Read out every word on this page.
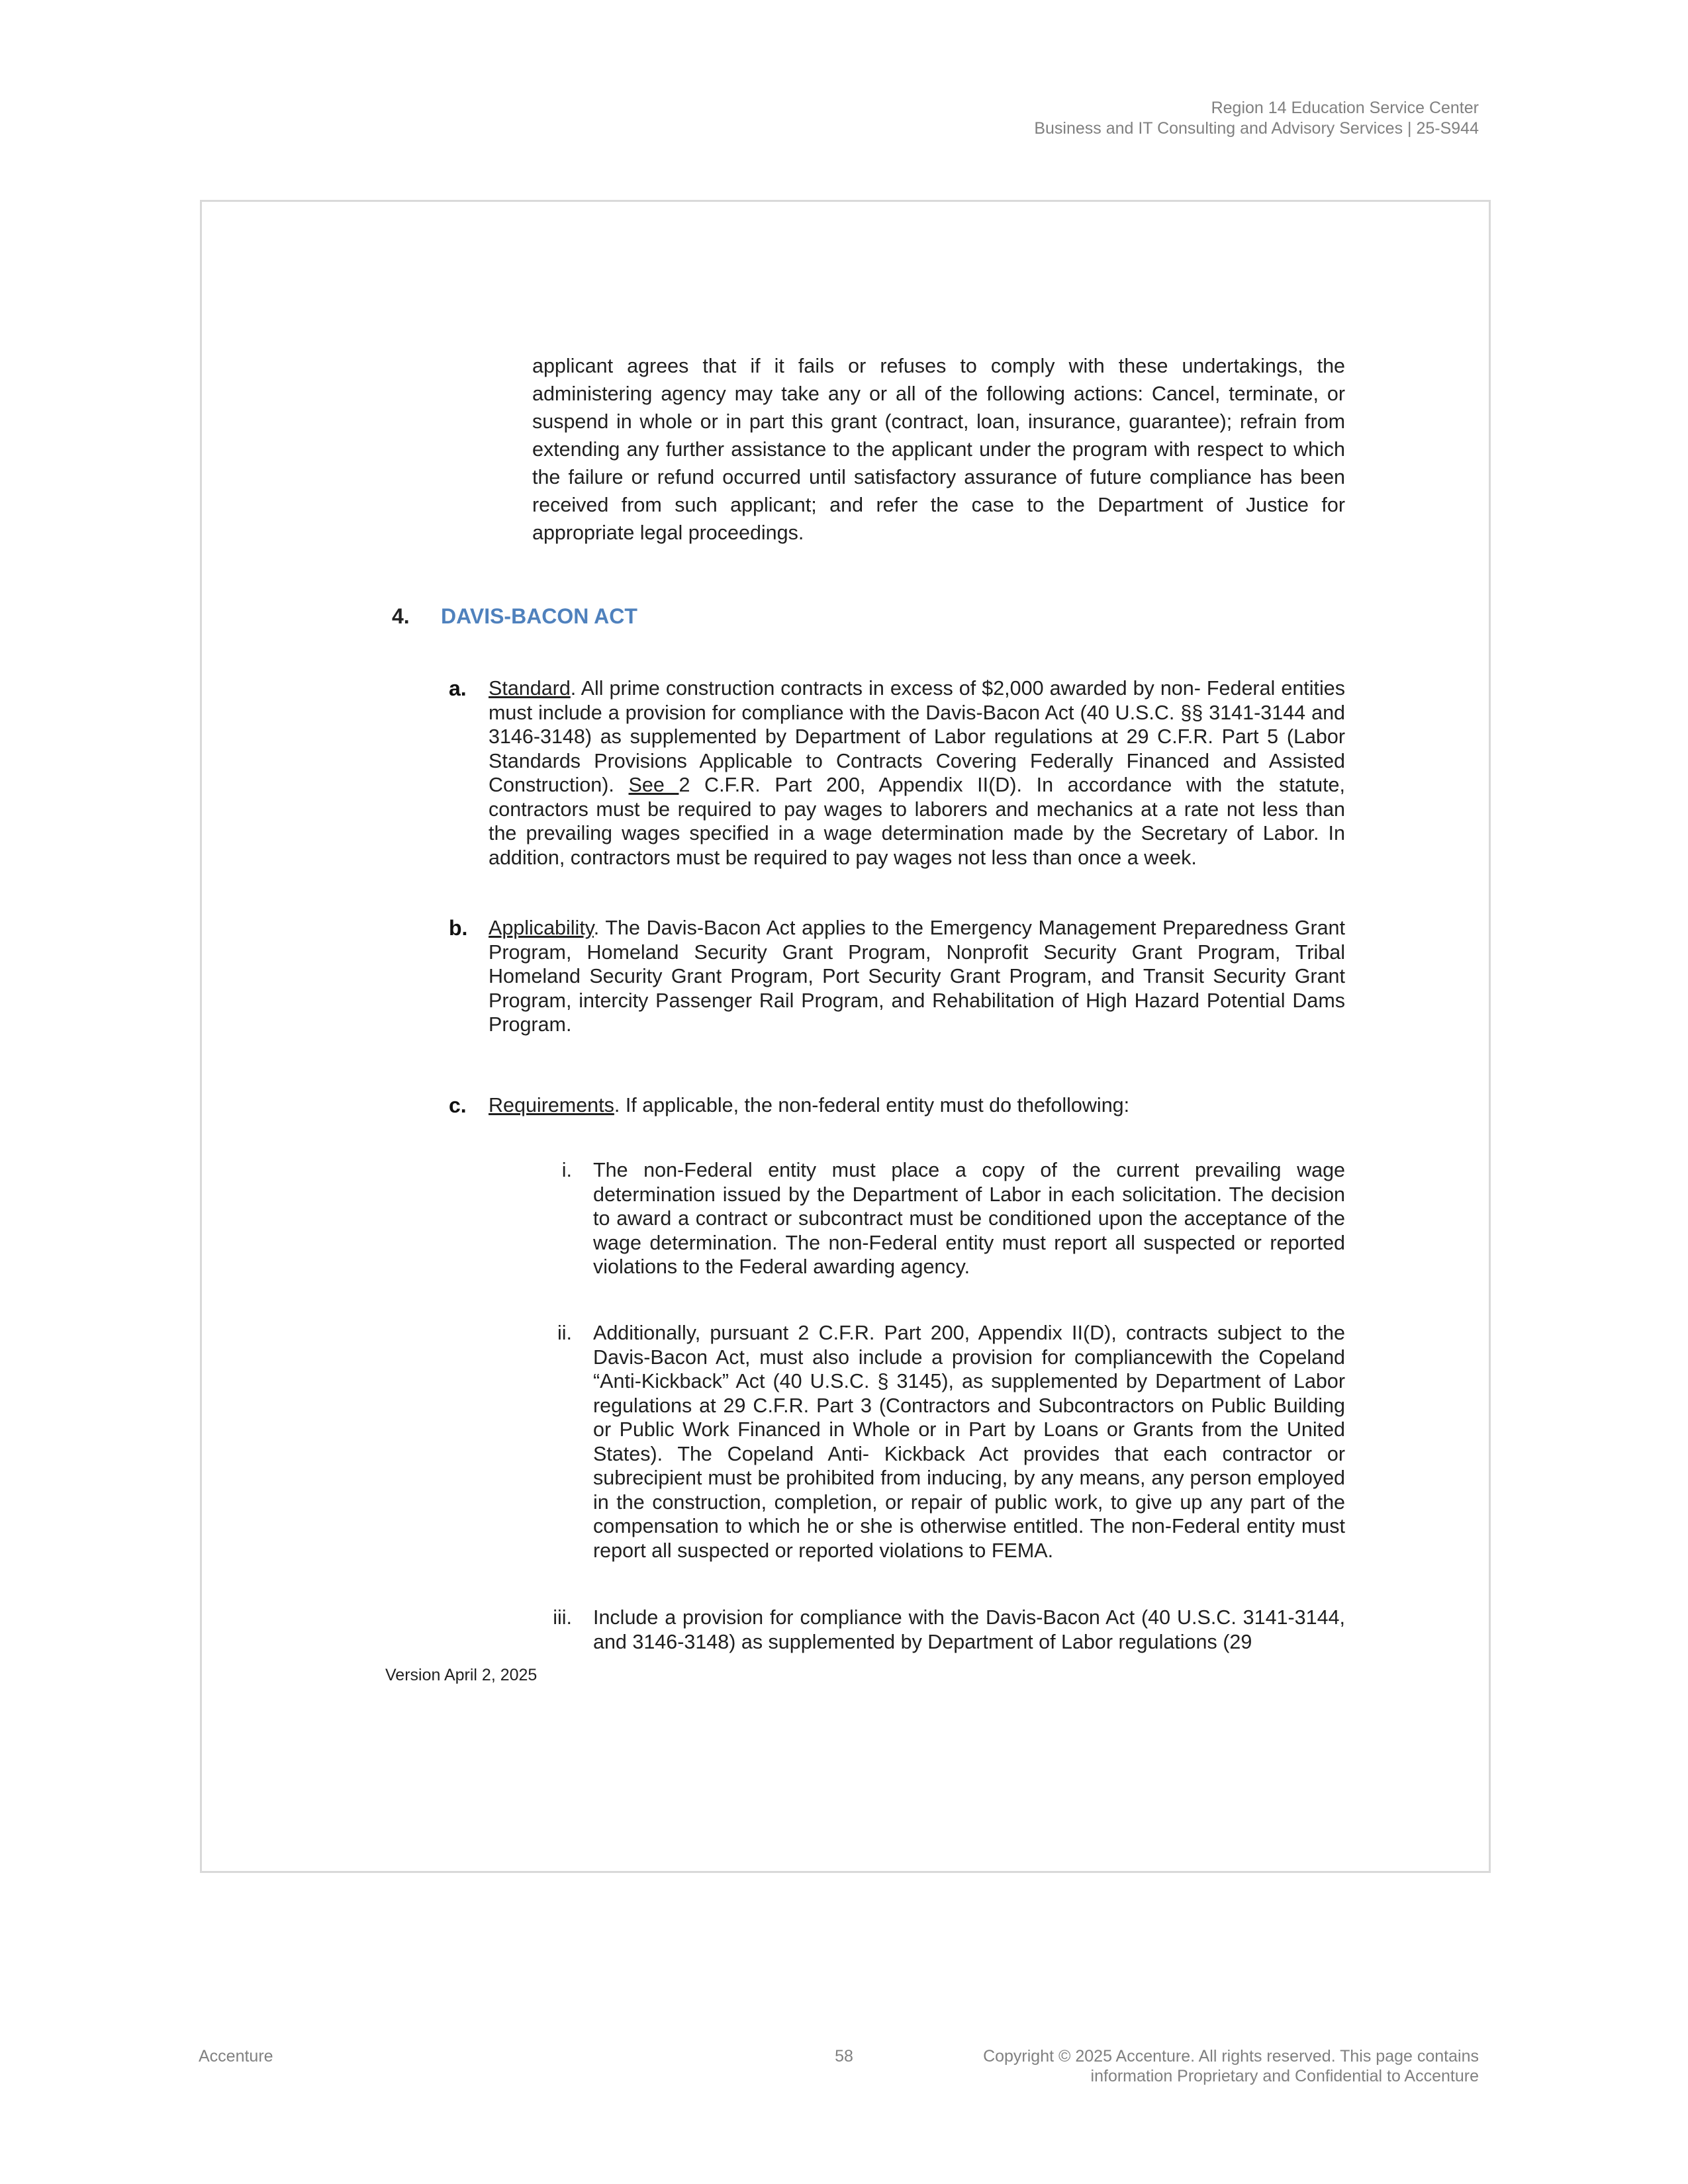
Region 14 Education Service Center
Business and IT Consulting and Advisory Services | 25-S944
applicant agrees that if it fails or refuses to comply with these undertakings, the administering agency may take any or all of the following actions: Cancel, terminate, or suspend in whole or in part this grant (contract, loan, insurance, guarantee); refrain from extending any further assistance to the applicant under the program with respect to which the failure or refund occurred until satisfactory assurance of future compliance has been received from such applicant; and refer the case to the Department of Justice for appropriate legal proceedings.
4. DAVIS-BACON ACT
a. Standard. All prime construction contracts in excess of $2,000 awarded by non- Federal entities must include a provision for compliance with the Davis-Bacon Act (40 U.S.C. §§ 3141-3144 and 3146-3148) as supplemented by Department of Labor regulations at 29 C.F.R. Part 5 (Labor Standards Provisions Applicable to Contracts Covering Federally Financed and Assisted Construction). See 2 C.F.R. Part 200, Appendix II(D). In accordance with the statute, contractors must be required to pay wages to laborers and mechanics at a rate not less than the prevailing wages specified in a wage determination made by the Secretary of Labor. In addition, contractors must be required to pay wages not less than once a week.
b. Applicability. The Davis-Bacon Act applies to the Emergency Management Preparedness Grant Program, Homeland Security Grant Program, Nonprofit Security Grant Program, Tribal Homeland Security Grant Program, Port Security Grant Program, and Transit Security Grant Program, intercity Passenger Rail Program, and Rehabilitation of High Hazard Potential Dams Program.
c. Requirements. If applicable, the non-federal entity must do thefollowing:
i. The non-Federal entity must place a copy of the current prevailing wage determination issued by the Department of Labor in each solicitation. The decision to award a contract or subcontract must be conditioned upon the acceptance of the wage determination. The non-Federal entity must report all suspected or reported violations to the Federal awarding agency.
ii. Additionally, pursuant 2 C.F.R. Part 200, Appendix II(D), contracts subject to the Davis-Bacon Act, must also include a provision for compliancewith the Copeland “Anti-Kickback” Act (40 U.S.C. § 3145), as supplemented by Department of Labor regulations at 29 C.F.R. Part 3 (Contractors and Subcontractors on Public Building or Public Work Financed in Whole or in Part by Loans or Grants from the United States). The Copeland Anti- Kickback Act provides that each contractor or subrecipient must be prohibited from inducing, by any means, any person employed in the construction, completion, or repair of public work, to give up any part of the compensation to which he or she is otherwise entitled. The non-Federal entity must report all suspected or reported violations to FEMA.
iii. Include a provision for compliance with the Davis-Bacon Act (40 U.S.C. 3141-3144, and 3146-3148) as supplemented by Department of Labor regulations (29
Version April 2, 2025
Accenture	58	Copyright © 2025 Accenture. All rights reserved. This page contains
information Proprietary and Confidential to Accenture
